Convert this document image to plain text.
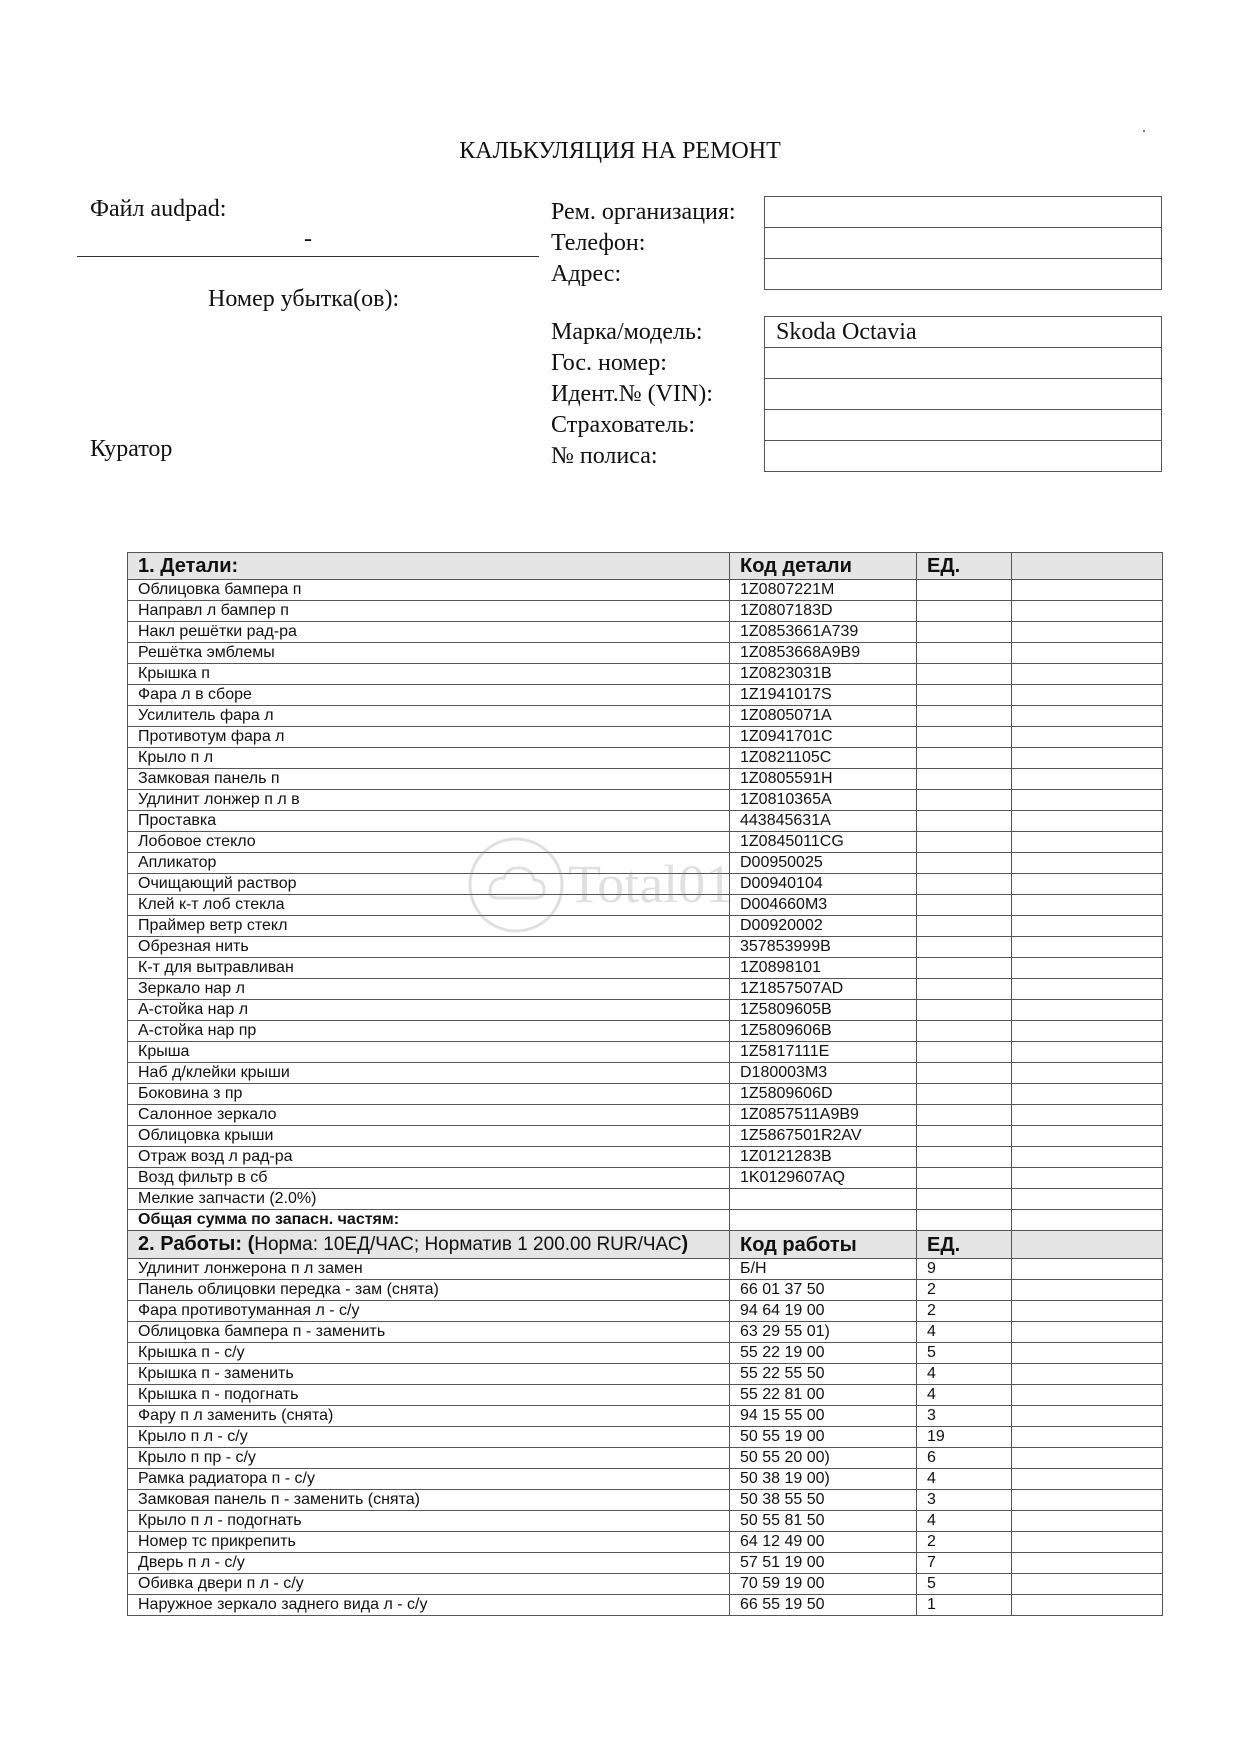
КАЛЬКУЛЯЦИЯ НА РЕМОНТ
Файл audpad:
-
Номер убытка(ов):
Куратор
Рем. организация:	
Телефон:	
Адрес:	
Марка/модель:	Skoda Octavia
Гос. номер:	
Идент.№ (VIN):	
Страхователь:	
№ полиса:	
1. Детали:	Код детали	ЕД.	
Облицовка бампера п	1Z0807221M		
Направл л бампер п	1Z0807183D		
Накл решётки рад-ра	1Z0853661A739		
Решётка эмблемы	1Z0853668A9B9		
Крышка п	1Z0823031B		
Фара л в сборе	1Z1941017S		
Усилитель фара л	1Z0805071A		
Противотум фара л	1Z0941701C		
Крыло п л	1Z0821105C		
Замковая панель п	1Z0805591H		
Удлинит лонжер п л в	1Z0810365A		
Проставка	443845631A		
Лобовое стекло	1Z0845011CG		
Апликатор	D00950025		
Очищающий раствор	D00940104		
Клей к-т лоб стекла	D004660M3		
Праймер ветр стекл	D00920002		
Обрезная нить	357853999B		
К-т для вытравливан	1Z0898101		
Зеркало нар л	1Z1857507AD		
А-стойка нар л	1Z5809605B		
А-стойка нар пр	1Z5809606B		
Крыша	1Z5817111E		
Наб д/клейки крыши	D180003M3		
Боковина з пр	1Z5809606D		
Салонное зеркало	1Z0857511A9B9		
Облицовка крыши	1Z5867501R2AV		
Отраж возд л рад-ра	1Z0121283B		
Возд фильтр в сб	1K0129607AQ		
Мелкие запчасти (2.0%)			
Общая сумма по запасн. частям:			
2. Работы: (Норма: 10ЕД/ЧАС; Норматив 1 200.00 RUR/ЧАС)	Код работы	ЕД.	
Удлинит лонжерона п л замен	Б/Н	9	
Панель облицовки передка - зам (снята)	66 01 37 50	2	
Фара противотуманная л - с/у	94 64 19 00	2	
Облицовка бампера п - заменить	63 29 55 01)	4	
Крышка п - с/у	55 22 19 00	5	
Крышка п - заменить	55 22 55 50	4	
Крышка п - подогнать	55 22 81 00	4	
Фару п л заменить (снята)	94 15 55 00	3	
Крыло п л - с/у	50 55 19 00	19	
Крыло п пр - с/у	50 55 20 00)	6	
Рамка радиатора п - с/у	50 38 19 00)	4	
Замковая панель п - заменить (снята)	50 38 55 50	3	
Крыло п л - подогнать	50 55 81 50	4	
Номер тс прикрепить	64 12 49 00	2	
Дверь п л - с/у	57 51 19 00	7	
Обивка двери п л - с/у	70 59 19 00	5	
Наружное зеркало заднего вида л - с/у	66 55 19 50	1	
Total01
